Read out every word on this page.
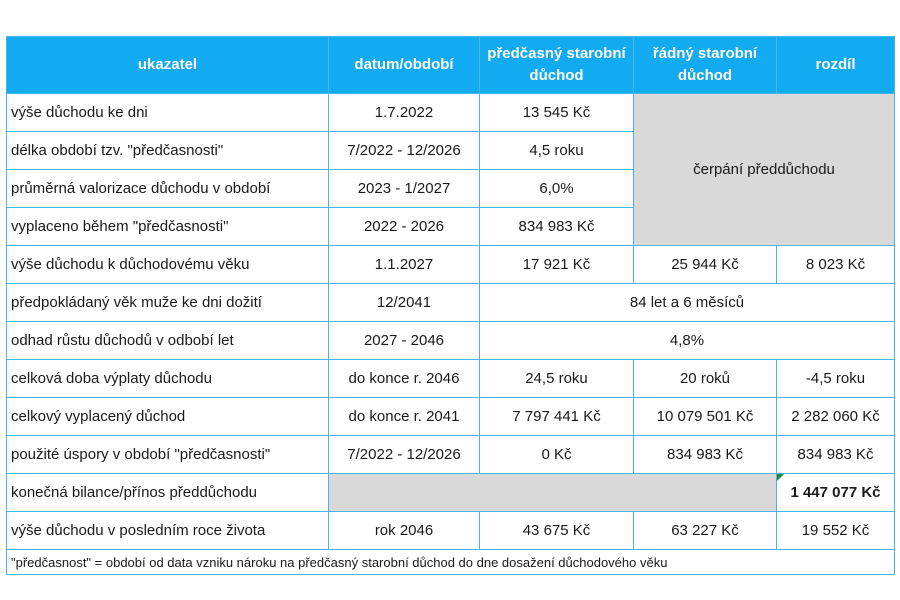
ukazatel	datum/období	předčasný starobní důchod	řádný starobní důchod	rozdíl
výše důchodu ke dni	1.7.2022	13 545 Kč	čerpání předdůchodu	
délka období tzv. "předčasnosti"	7/2022 - 12/2026	4,5 roku		
průměrná valorizace důchodu v období	2023 - 1/2027	6,0%		
vyplaceno během "předčasnosti"	2022 - 2026	834 983 Kč		
výše důchodu k důchodovému věku	1.1.2027	17 921 Kč	25 944 Kč	8 023 Kč
předpokládaný věk muže ke dni dožití	12/2041	84 let a 6 měsíců		
odhad růstu důchodů v odbobí let	2027 - 2046	4,8%		
celková doba výplaty důchodu	do konce r. 2046	24,5 roku	20 roků	-4,5 roku
celkový vyplacený důchod	do konce r. 2041	7 797 441 Kč	10 079 501 Kč	2 282 060 Kč
použité úspory v období "předčasnosti"	7/2022 - 12/2026	0 Kč	834 983 Kč	834 983 Kč
konečná bilance/přínos předdůchodu				1 447 077 Kč
výše důchodu v posledním roce života	rok 2046	43 675 Kč	63 227 Kč	19 552 Kč
"předčasnost" = období od data vzniku nároku na předčasný starobní důchod do dne dosažení důchodového věku				
